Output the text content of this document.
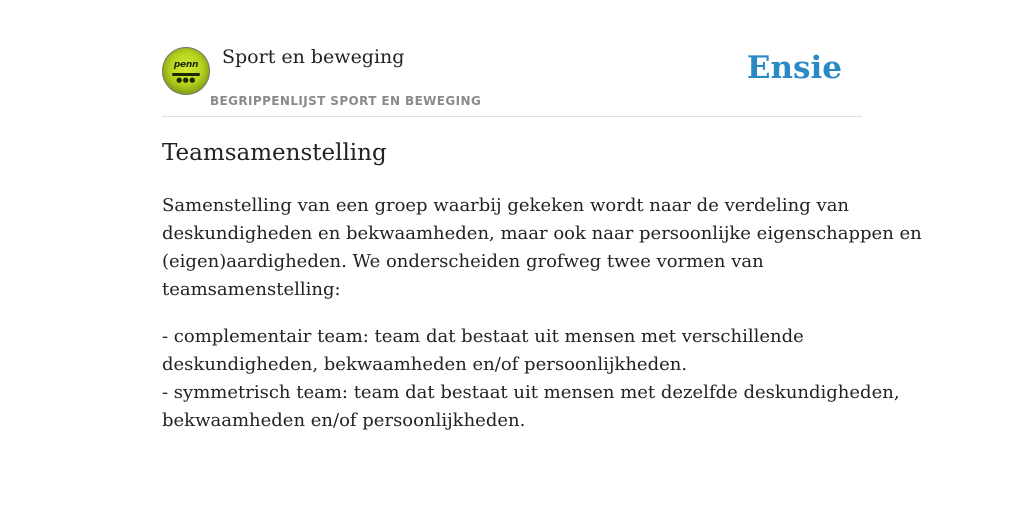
penn
●●●
Sport en beweging
BEGRIPPENLIJST SPORT EN BEWEGING
Ensie
Teamsamenstelling
Samenstelling van een groep waarbij gekeken wordt naar de verdeling van
deskundigheden en bekwaamheden, maar ook naar persoonlijke eigenschappen en
(eigen)aardigheden. We onderscheiden grofweg twee vormen van
teamsamenstelling:
- complementair team: team dat bestaat uit mensen met verschillende
deskundigheden, bekwaamheden en/of persoonlijkheden.
- symmetrisch team: team dat bestaat uit mensen met dezelfde deskundigheden,
bekwaamheden en/of persoonlijkheden.
